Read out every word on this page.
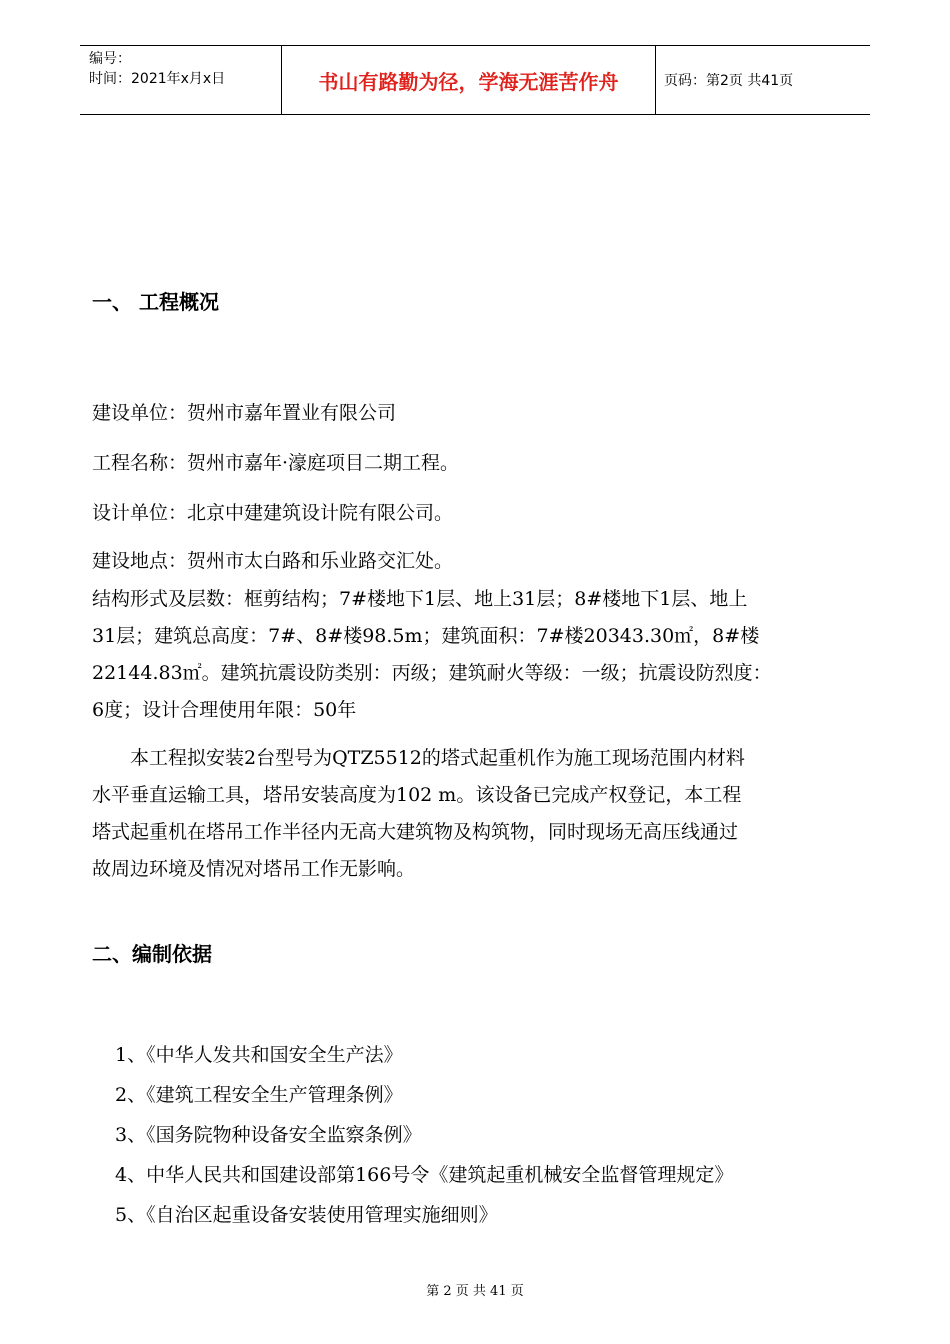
编号：
时间：2021年x月x日	书山有路勤为径，学海无涯苦作舟	页码：第2页 共41页
一、 工程概况
建设单位：贺州市嘉年置业有限公司
工程名称：贺州市嘉年·濠庭项目二期工程。
设计单位：北京中建建筑设计院有限公司。
建设地点：贺州市太白路和乐业路交汇处。

结构形式及层数：框剪结构；7#楼地下1层、地上31层；8#楼地下1层、地上

31层；建筑总高度：7#、8#楼98.5m；建筑面积：7#楼20343.30㎡，8#楼

22144.83㎡。建筑抗震设防类别：丙级；建筑耐火等级：一级；抗震设防烈度：

6度；设计合理使用年限：50年

　　本工程拟安装2台型号为QTZ5512的塔式起重机作为施工现场范围内材料

水平垂直运输工具，塔吊安装高度为102 m。该设备已完成产权登记，本工程

塔式起重机在塔吊工作半径内无高大建筑物及构筑物，同时现场无高压线通过

故周边环境及情况对塔吊工作无影响。

二、编制依据
1、《中华人发共和国安全生产法》
2、《建筑工程安全生产管理条例》
3、《国务院物种设备安全监察条例》
4、中华人民共和国建设部第166号令《建筑起重机械安全监督管理规定》
5、《自治区起重设备安装使用管理实施细则》
第 2 页 共 41 页
